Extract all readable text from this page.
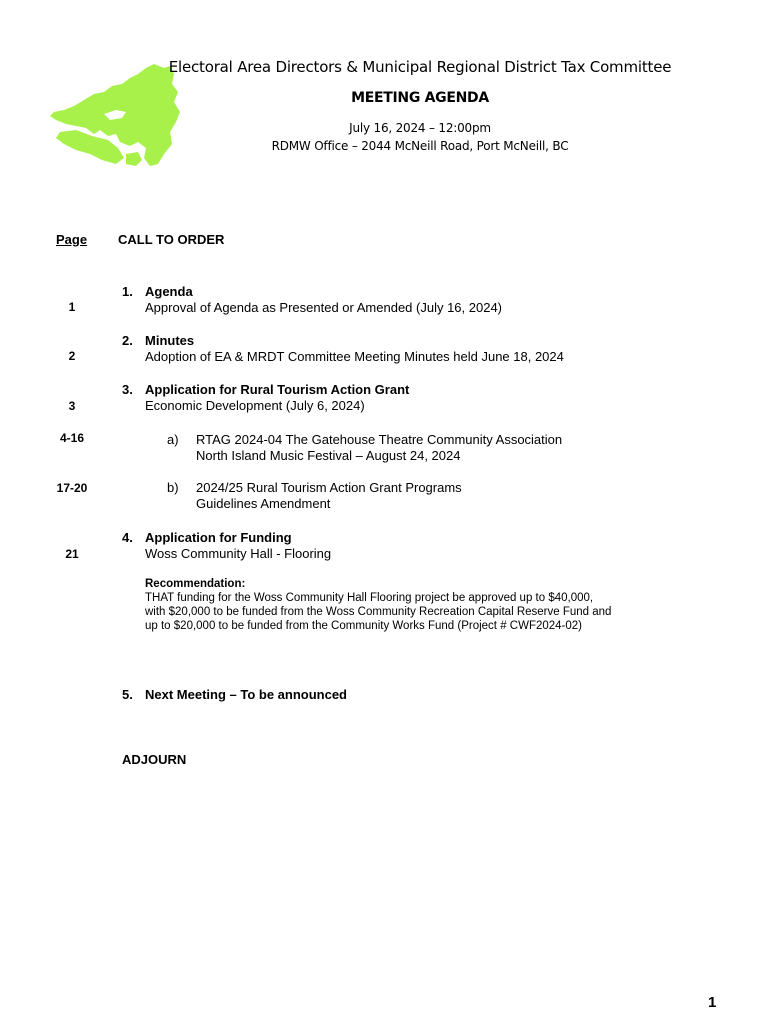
Electoral Area Directors & Municipal Regional District Tax Committee
MEETING AGENDA
July 16, 2024 – 12:00pm
RDMW Office – 2044 McNeill Road, Port McNeill, BC
Page CALL TO ORDER
1
1. Agenda
Approval of Agenda as Presented or Amended (July 16, 2024)
2
2. Minutes
Adoption of EA & MRDT Committee Meeting Minutes held June 18, 2024
3
3. Application for Rural Tourism Action Grant
Economic Development (July 6, 2024)
4-16	a) RTAG 2024-04 The Gatehouse Theatre Community Association
North Island Music Festival – August 24, 2024
17-20	b) 2024/25 Rural Tourism Action Grant Programs
Guidelines Amendment
21
4. Application for Funding
Woss Community Hall - Flooring
Recommendation:
THAT funding for the Woss Community Hall Flooring project be approved up to $40,000,
with $20,000 to be funded from the Woss Community Recreation Capital Reserve Fund and
up to $20,000 to be funded from the Community Works Fund (Project # CWF2024-02)
5. Next Meeting – To be announced
ADJOURN
1
